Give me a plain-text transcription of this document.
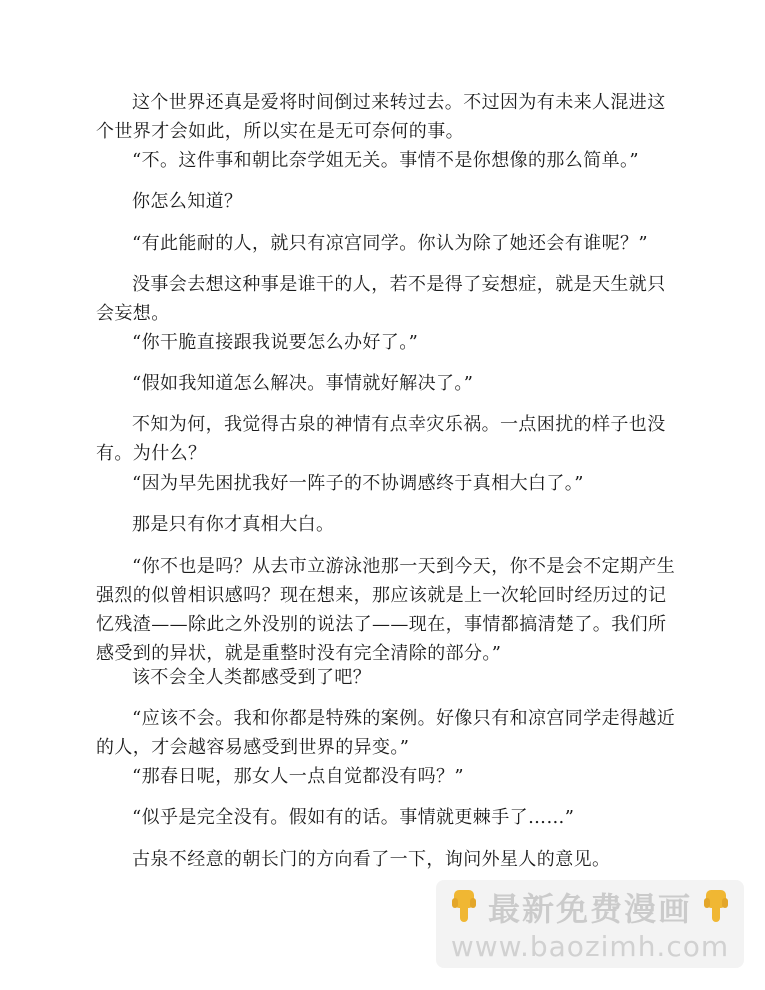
这个世界还真是爱将时间倒过来转过去。不过因为有未来人混进这个世界才会如此，所以实在是无可奈何的事。

“不。这件事和朝比奈学姐无关。事情不是你想像的那么简单。”

你怎么知道？

“有此能耐的人，就只有凉宫同学。你认为除了她还会有谁呢？”

没事会去想这种事是谁干的人，若不是得了妄想症，就是天生就只会妄想。

“你干脆直接跟我说要怎么办好了。”

“假如我知道怎么解决。事情就好解决了。”

不知为何，我觉得古泉的神情有点幸灾乐祸。一点困扰的样子也没有。为什么？

“因为早先困扰我好一阵子的不协调感终于真相大白了。”

那是只有你才真相大白。

“你不也是吗？从去市立游泳池那一天到今天，你不是会不定期产生强烈的似曾相识感吗？现在想来，那应该就是上一次轮回时经历过的记忆残渣——除此之外没别的说法了——现在，事情都搞清楚了。我们所感受到的异状，就是重整时没有完全清除的部分。”

该不会全人类都感受到了吧？

“应该不会。我和你都是特殊的案例。好像只有和凉宫同学走得越近的人，才会越容易感受到世界的异变。”

“那春日呢，那女人一点自觉都没有吗？”

“似乎是完全没有。假如有的话。事情就更棘手了……”

古泉不经意的朝长门的方向看了一下，询问外星人的意见。

最新免费漫画
www.baozimh.com
